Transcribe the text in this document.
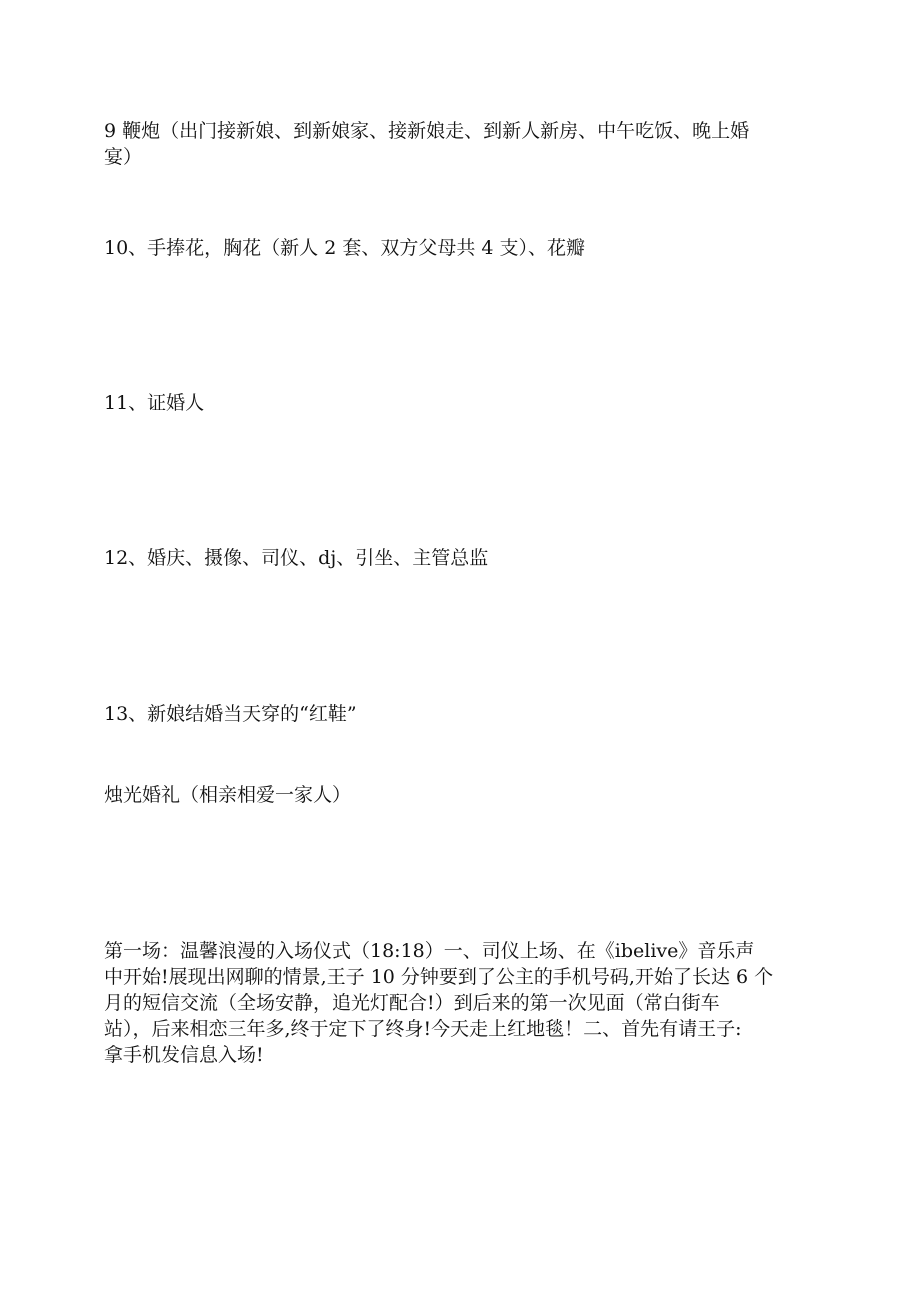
9 鞭炮（出门接新娘、到新娘家、接新娘走、到新人新房、中午吃饭、晚上婚
宴）

10、手捧花，胸花（新人 2 套、双方父母共 4 支）、花瓣

11、证婚人

12、婚庆、摄像、司仪、dj、引坐、主管总监

13、新娘结婚当天穿的“红鞋”

烛光婚礼（相亲相爱一家人）

第一场：温馨浪漫的入场仪式（18:18）一、司仪上场、在《ibelive》音乐声
中开始!展现出网聊的情景,王子 10 分钟要到了公主的手机号码,开始了长达 6 个
月的短信交流（全场安静，追光灯配合!）到后来的第一次见面（常白街车
站），后来相恋三年多,终于定下了终身!今天走上红地毯！二、首先有请王子:
拿手机发信息入场!
